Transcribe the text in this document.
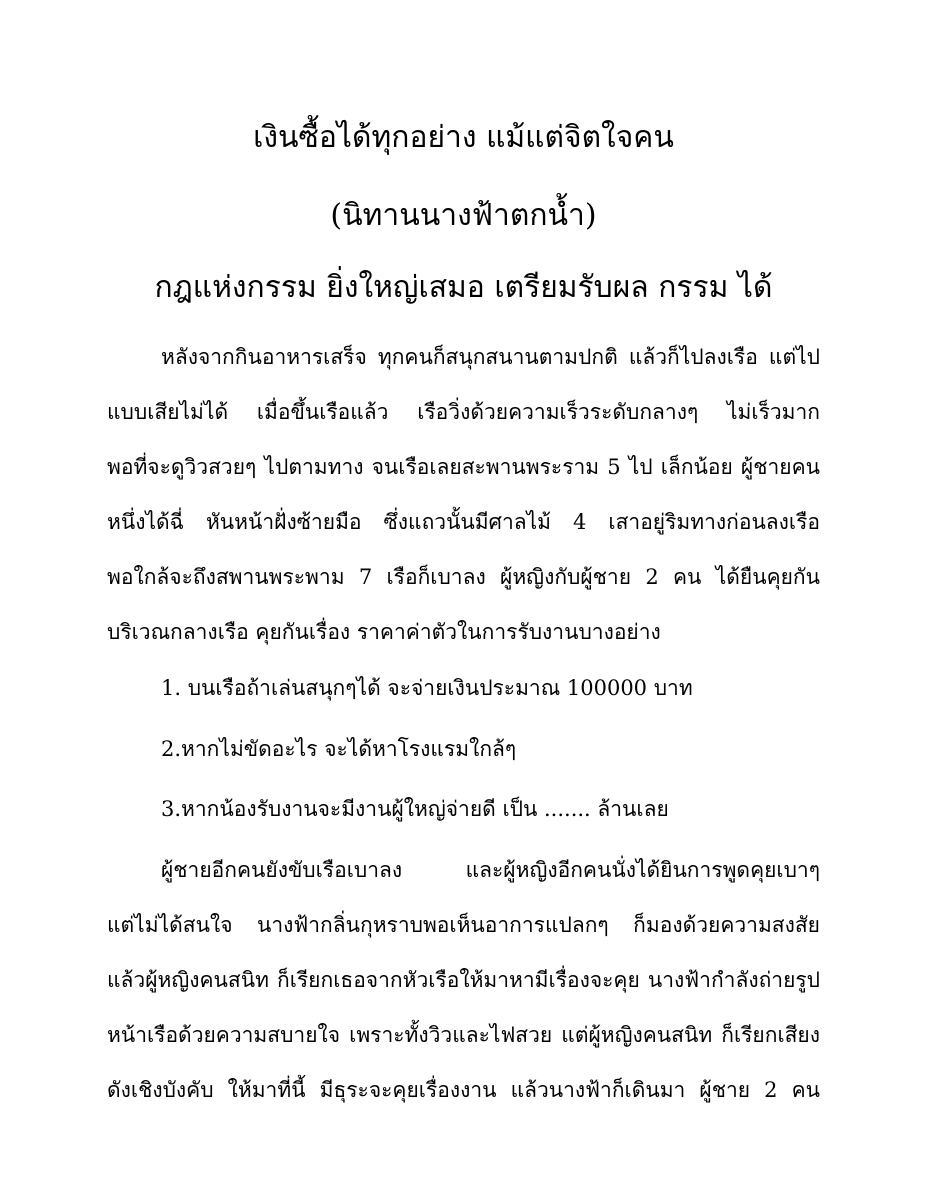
เงินซื้อได้ทุกอย่าง แม้แต่จิตใจคน
(นิทานนางฟ้าตกน้ำ)
กฎแห่งกรรม ยิ่งใหญ่เสมอ เตรียมรับผล กรรม ได้
หลังจากกินอาหารเสร็จ ทุกคนก็สนุกสนานตามปกติ แล้วก็ไปลงเรือ แต่ไป
แบบเสียไม่ได้ เมื่อขึ้นเรือแล้ว เรือวิ่งด้วยความเร็วระดับกลางๆ ไม่เร็วมาก
พอที่จะดูวิวสวยๆ ไปตามทาง จนเรือเลยสะพานพระราม 5 ไป เล็กน้อย ผู้ชายคน
หนึ่งได้ฉี่ หันหน้าฝั่งซ้ายมือ ซึ่งแถวนั้นมีศาลไม้ 4 เสาอยู่ริมทางก่อนลงเรือ
พอใกล้จะถึงสพานพระพาม 7 เรือก็เบาลง ผู้หญิงกับผู้ชาย 2 คน ได้ยืนคุยกัน
บริเวณกลางเรือ คุยกันเรื่อง ราคาค่าตัวในการรับงานบางอย่าง
1. บนเรือถ้าเล่นสนุกๆได้ จะจ่ายเงินประมาณ 100000 บาท
2.หากไม่ขัดอะไร จะได้หาโรงแรมใกล้ๆ
3.หากน้องรับงานจะมีงานผู้ใหญ่จ่ายดี เป็น ....... ล้านเลย
ผู้ชายอีกคนยังขับเรือเบาลง และผู้หญิงอีกคนนั่งได้ยินการพูดคุยเบาๆ
แต่ไม่ได้สนใจ นางฟ้ากลิ่นกุหราบพอเห็นอาการแปลกๆ ก็มองด้วยความสงสัย
แล้วผู้หญิงคนสนิท ก็เรียกเธอจากหัวเรือให้มาหามีเรื่องจะคุย นางฟ้ากำลังถ่ายรูป
หน้าเรือด้วยความสบายใจ เพราะทั้งวิวและไฟสวย แต่ผู้หญิงคนสนิท ก็เรียกเสียง
ดังเชิงบังคับ ให้มาที่นี้ มีธุระจะคุยเรื่องงาน แล้วนางฟ้าก็เดินมา ผู้ชาย 2 คน
